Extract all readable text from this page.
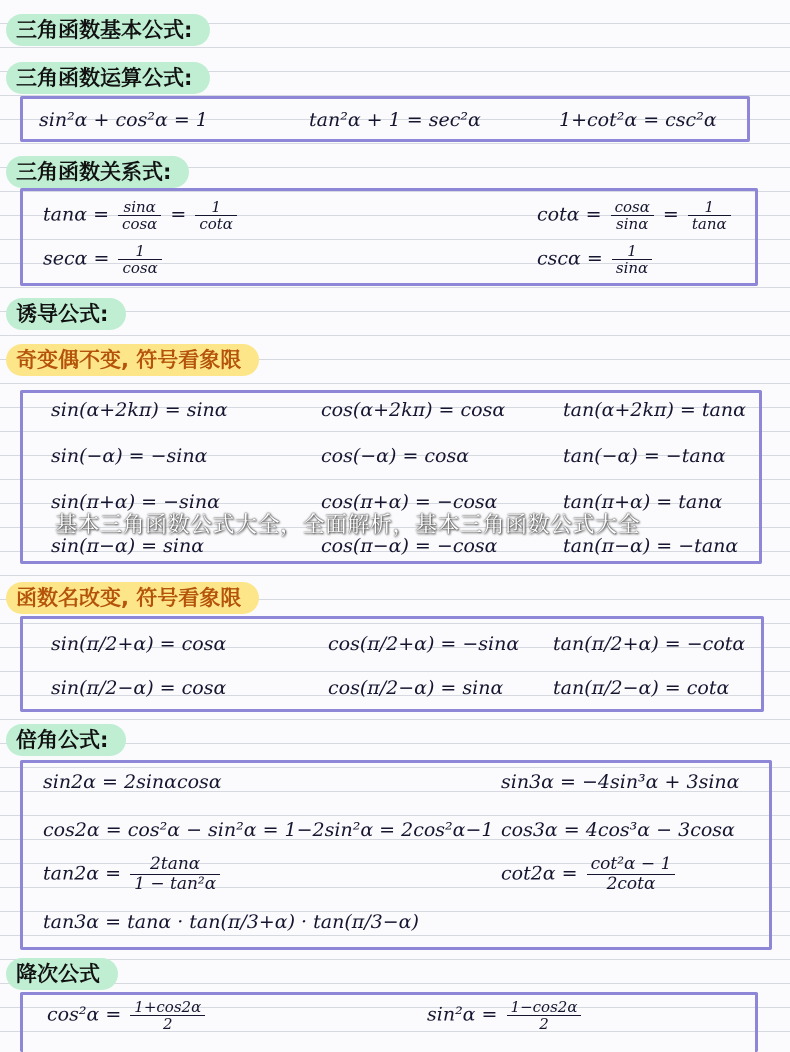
三角函数基本公式:
三角函数运算公式:
sin²α + cos²α = 1	tan²α + 1 = sec²α	1+cot²α = csc²α
三角函数关系式:
$\tan\alpha = \frac{\sin\alpha}{\cos\alpha} = \frac{1}{\cot\alpha}$	$\cot\alpha = \frac{\cos\alpha}{\sin\alpha} = \frac{1}{\tan\alpha}$
$\sec\alpha = \frac{1}{\cos\alpha}$	$\csc\alpha = \frac{1}{\sin\alpha}$
诱导公式:
奇变偶不变, 符号看象限
sin(α+2kπ) = sinα	cos(α+2kπ) = cosα	tan(α+2kπ) = tanα
sin(−α) = −sinα	cos(−α) = cosα	tan(−α) = −tanα
sin(π+α) = −sinα	cos(π+α) = −cosα	tan(π+α) = tanα
sin(π−α) = sinα	cos(π−α) = −cosα	tan(π−α) = −tanα
基本三角函数公式大全，全面解析，基本三角函数公式大全
函数名改变, 符号看象限
sin(π/2+α) = cosα	cos(π/2+α) = −sinα tan(π/2+α) = −cotα
sin(π/2−α) = cosα	cos(π/2−α) = sinα	tan(π/2−α) = cotα
倍角公式:
sin2α = 2sinαcosα	sin3α = −4sin³α + 3sinα
cos2α = cos²α − sin²α = 1−2sin²α = 2cos²α−1 cos3α = 4cos³α − 3cosα
$\tan 2\alpha = \frac{2\tan\alpha}{\text{1 − tan²α}}$	$\cot 2\alpha = \frac{\text{cot²α − 1}}{2\cot\alpha}$
tan3α = tanα · tan(π/3+α) · tan(π/3−α)
降次公式
$\cos^2\alpha = \frac{1+\cos 2\alpha}{2}$	$\sin^2\alpha = \frac{1-\cos 2\alpha}{2}$
